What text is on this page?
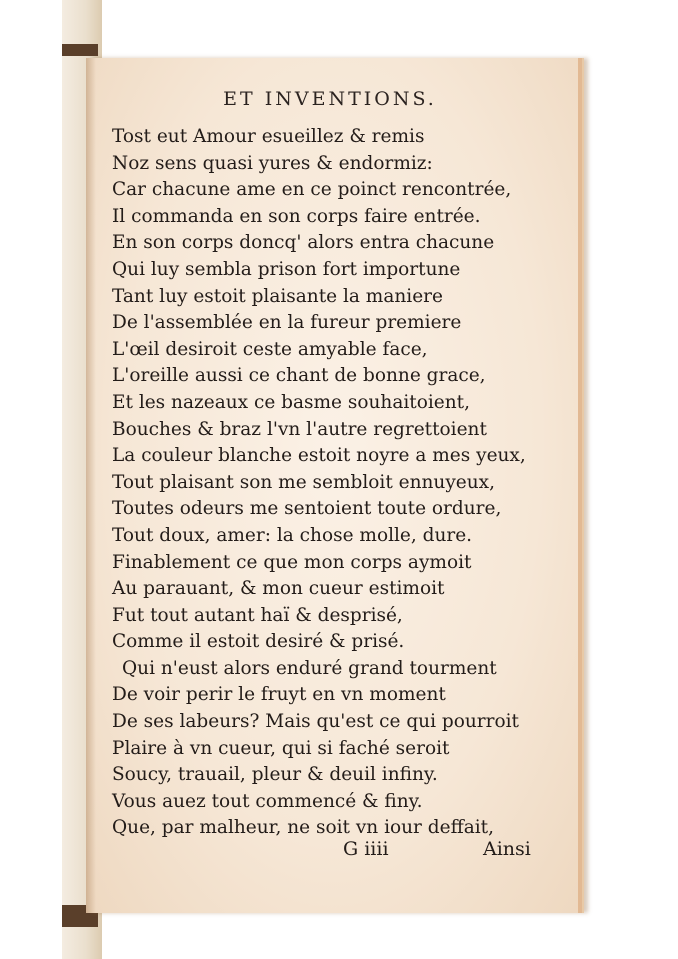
ET INVENTIONS.
Tost eut Amour esueillez & remis
Noz sens quasi yures & endormiz:
Car chacune ame en ce poinct rencontrée,
Il commanda en son corps faire entrée.
En son corps doncq' alors entra chacune
Qui luy sembla prison fort importune
Tant luy estoit plaisante la maniere
De l'assemblée en la fureur premiere
L'œil desiroit ceste amyable face,
L'oreille aussi ce chant de bonne grace,
Et les nazeaux ce basme souhaitoient,
Bouches & braz l'vn l'autre regrettoient
La couleur blanche estoit noyre a mes yeux,
Tout plaisant son me sembloit ennuyeux,
Toutes odeurs me sentoient toute ordure,
Tout doux, amer: la chose molle, dure.
Finablement ce que mon corps aymoit
Au parauant, & mon cueur estimoit
Fut tout autant haï & desprisé,
Comme il estoit desiré & prisé.
Qui n'eust alors enduré grand tourment
De voir perir le fruyt en vn moment
De ses labeurs? Mais qu'est ce qui pourroit
Plaire à vn cueur, qui si faché seroit
Soucy, trauail, pleur & deuil infiny.
Vous auez tout commencé & finy.
Que, par malheur, ne soit vn iour deffait,
G iiii	Ainsi
